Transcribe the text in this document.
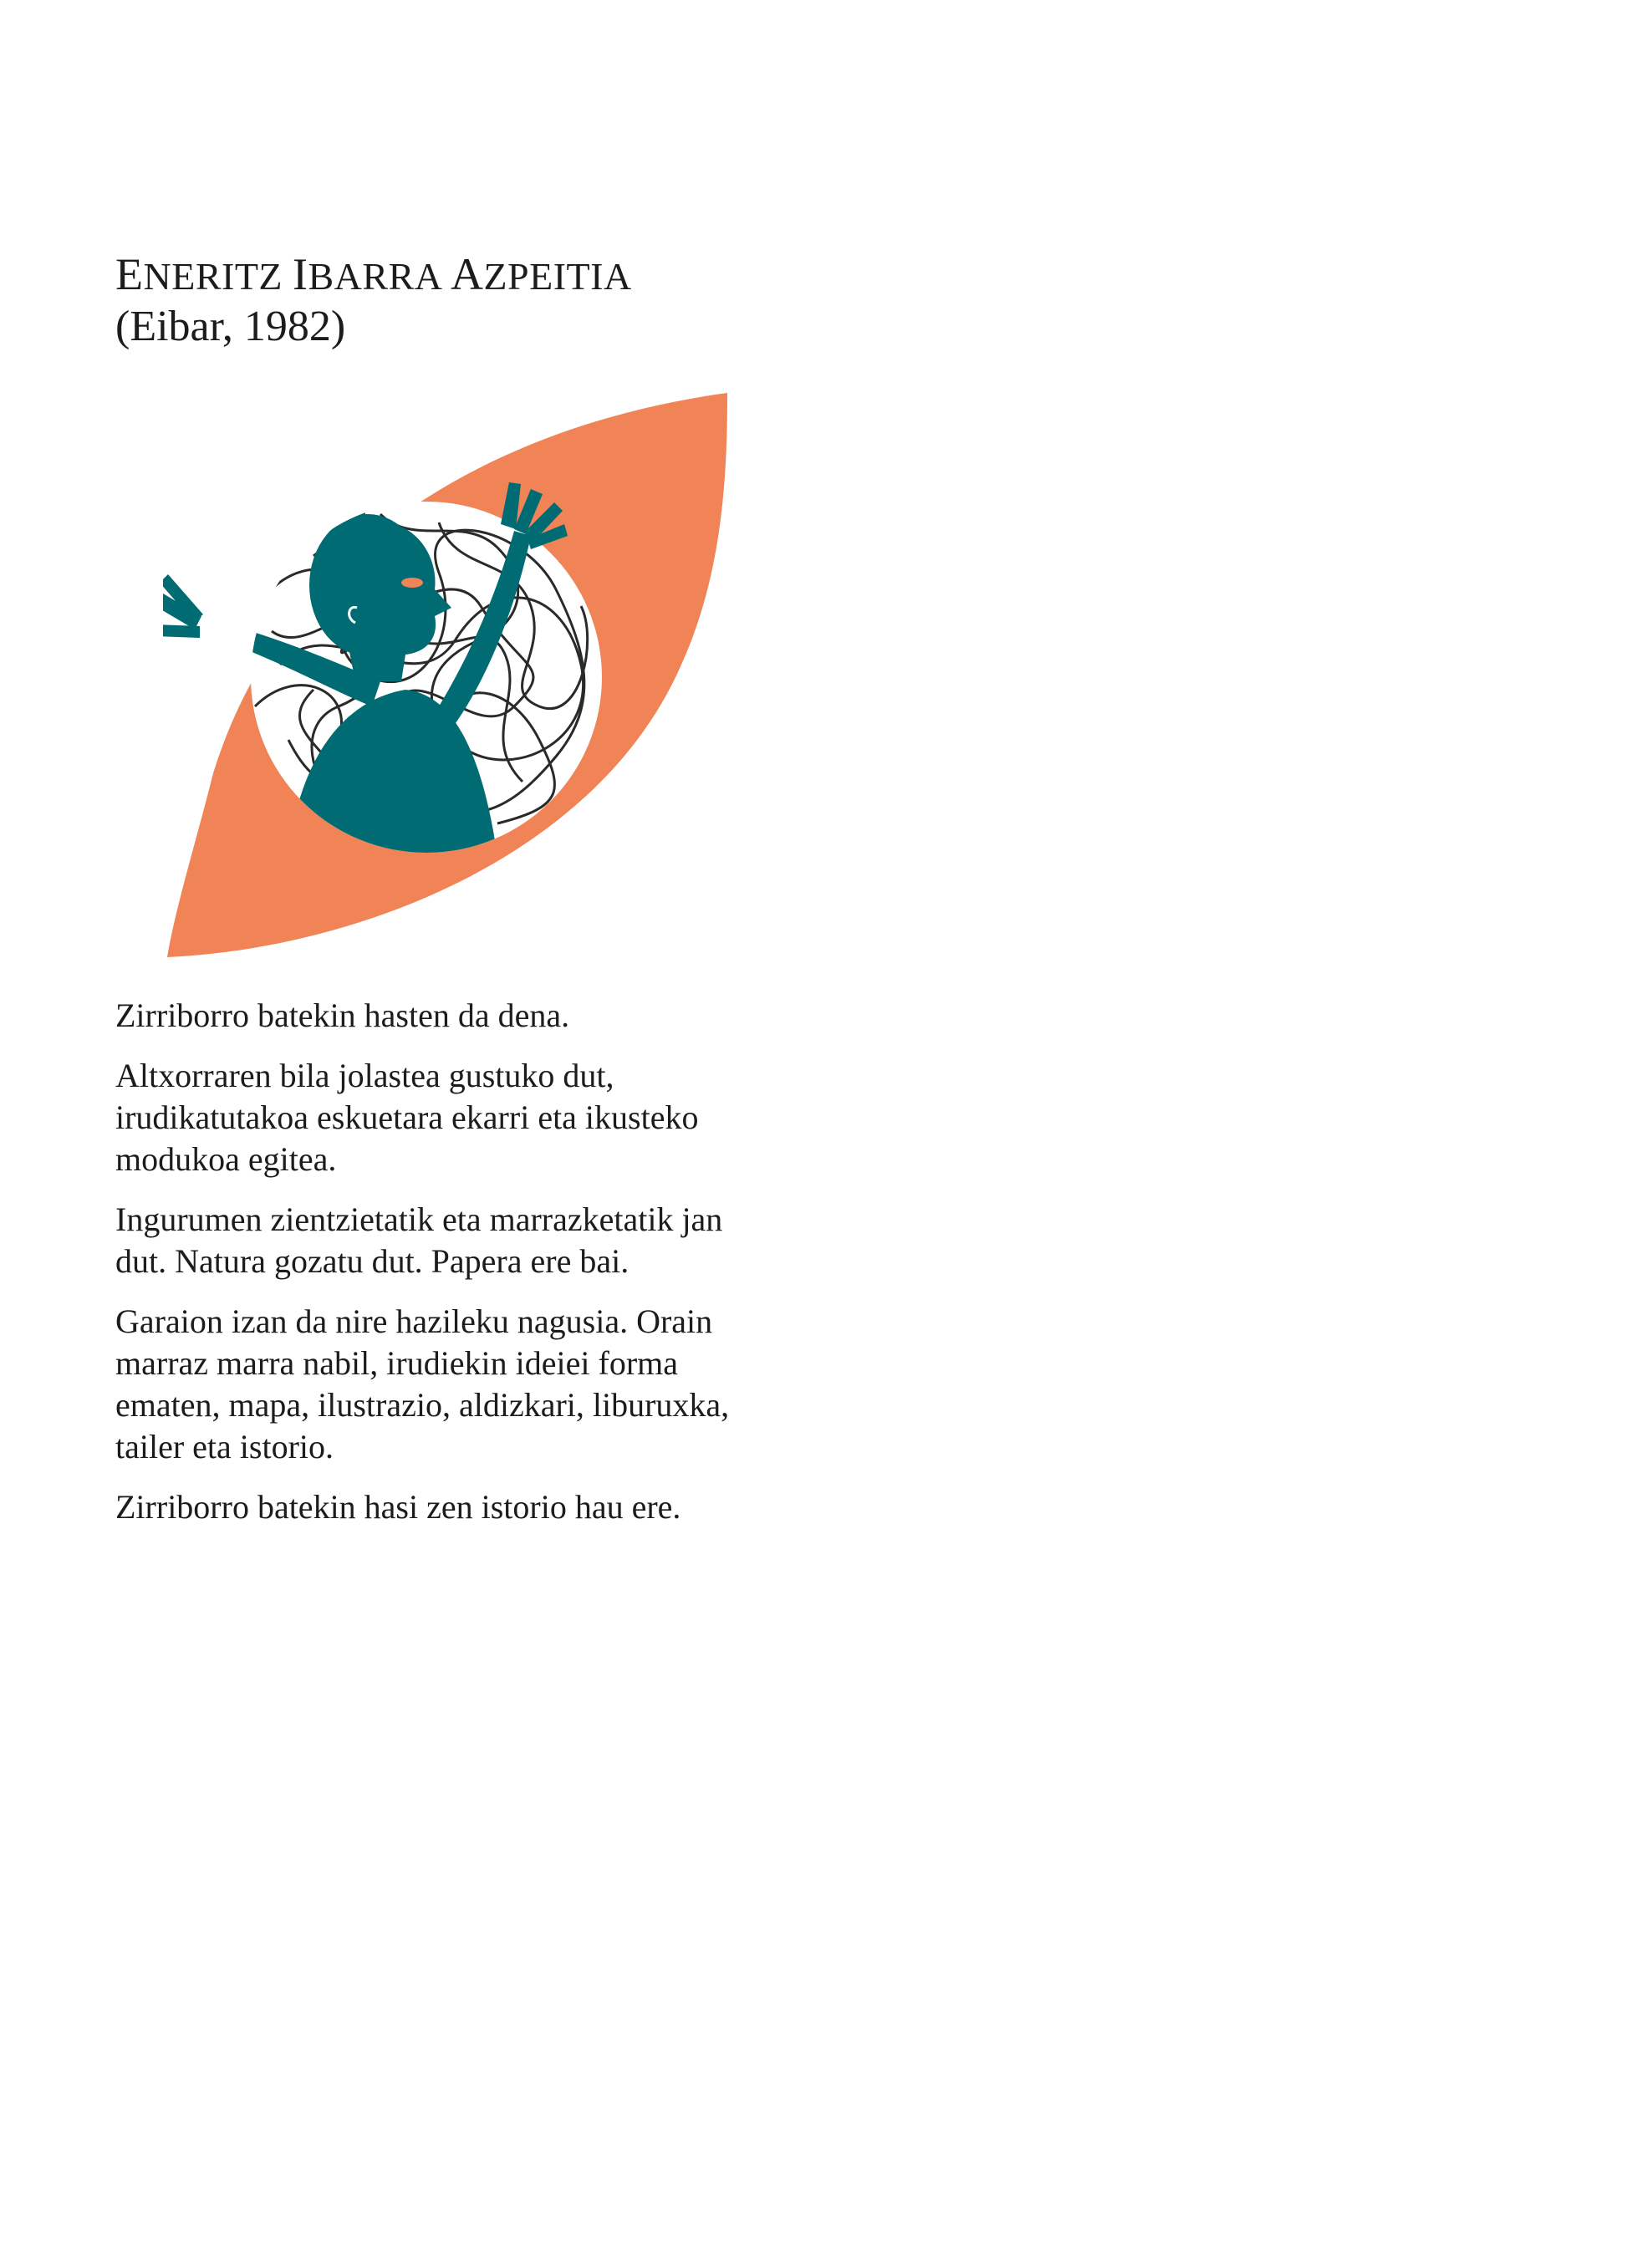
ENERITZ IBARRA AZPEITIA

(Eibar, 1982)

Zirriborro batekin hasten da dena.

Altxorraren bila jolastea gustuko dut,
irudikatutakoa eskuetara ekarri eta ikusteko
modukoa egitea.

Ingurumen zientzietatik eta marrazketatik jan
dut. Natura gozatu dut. Papera ere bai.

Garaion izan da nire hazileku nagusia. Orain
marraz marra nabil, irudiekin ideiei forma
ematen, mapa, ilustrazio, aldizkari, liburuxka,
tailer eta istorio.

Zirriborro batekin hasi zen istorio hau ere.
